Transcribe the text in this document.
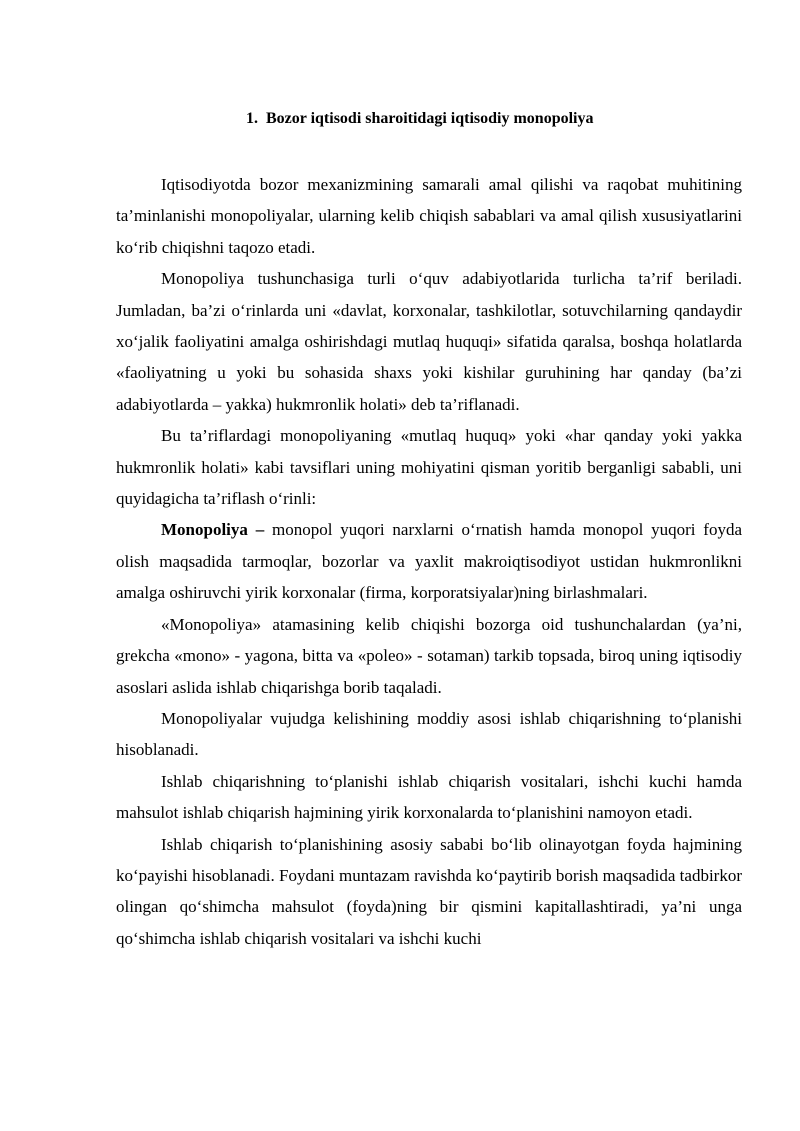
1. Bozor iqtisodi sharoitidagi iqtisodiy monopoliya

Iqtisodiyotda bozor mexanizmining samarali amal qilishi va raqobat muhitining ta’minlanishi monopoliyalar, ularning kelib chiqish sabablari va amal qilish xususiyatlarini ko‘rib chiqishni taqozo etadi.

Monopoliya tushunchasiga turli o‘quv adabiyotlarida turlicha ta’rif beriladi. Jumladan, ba’zi o‘rinlarda uni «davlat, korxonalar, tashkilotlar, sotuvchilarning qandaydir xo‘jalik faoliyatini amalga oshirishdagi mutlaq huquqi» sifatida qaralsa, boshqa holatlarda «faoliyatning u yoki bu sohasida shaxs yoki kishilar guruhining har qanday (ba’zi adabiyotlarda – yakka) hukmronlik holati» deb ta’riflanadi.

Bu ta’riflardagi monopoliyaning «mutlaq huquq» yoki «har qanday yoki yakka hukmronlik holati» kabi tavsiflari uning mohiyatini qisman yoritib berganligi sababli, uni quyidagicha ta’riflash o‘rinli:

Monopoliya – monopol yuqori narxlarni o‘rnatish hamda monopol yuqori foyda olish maqsadida tarmoqlar, bozorlar va yaxlit makroiqtisodiyot ustidan hukmronlikni amalga oshiruvchi yirik korxonalar (firma, korporatsiyalar)ning birlashmalari.

«Monopoliya» atamasining kelib chiqishi bozorga oid tushunchalardan (ya’ni, grekcha «mono» - yagona, bitta va «poleo» - sotaman) tarkib topsada, biroq uning iqtisodiy asoslari aslida ishlab chiqarishga borib taqaladi.

Monopoliyalar vujudga kelishining moddiy asosi ishlab chiqarishning to‘planishi hisoblanadi.

Ishlab chiqarishning to‘planishi ishlab chiqarish vositalari, ishchi kuchi hamda mahsulot ishlab chiqarish hajmining yirik korxonalarda to‘planishini namoyon etadi.

Ishlab chiqarish to‘planishining asosiy sababi bo‘lib olinayotgan foyda hajmining ko‘payishi hisoblanadi. Foydani muntazam ravishda ko‘paytirib borish maqsadida tadbirkor olingan qo‘shimcha mahsulot (foyda)ning bir qismini kapitallashtiradi, ya’ni unga qo‘shimcha ishlab chiqarish vositalari va ishchi kuchi
